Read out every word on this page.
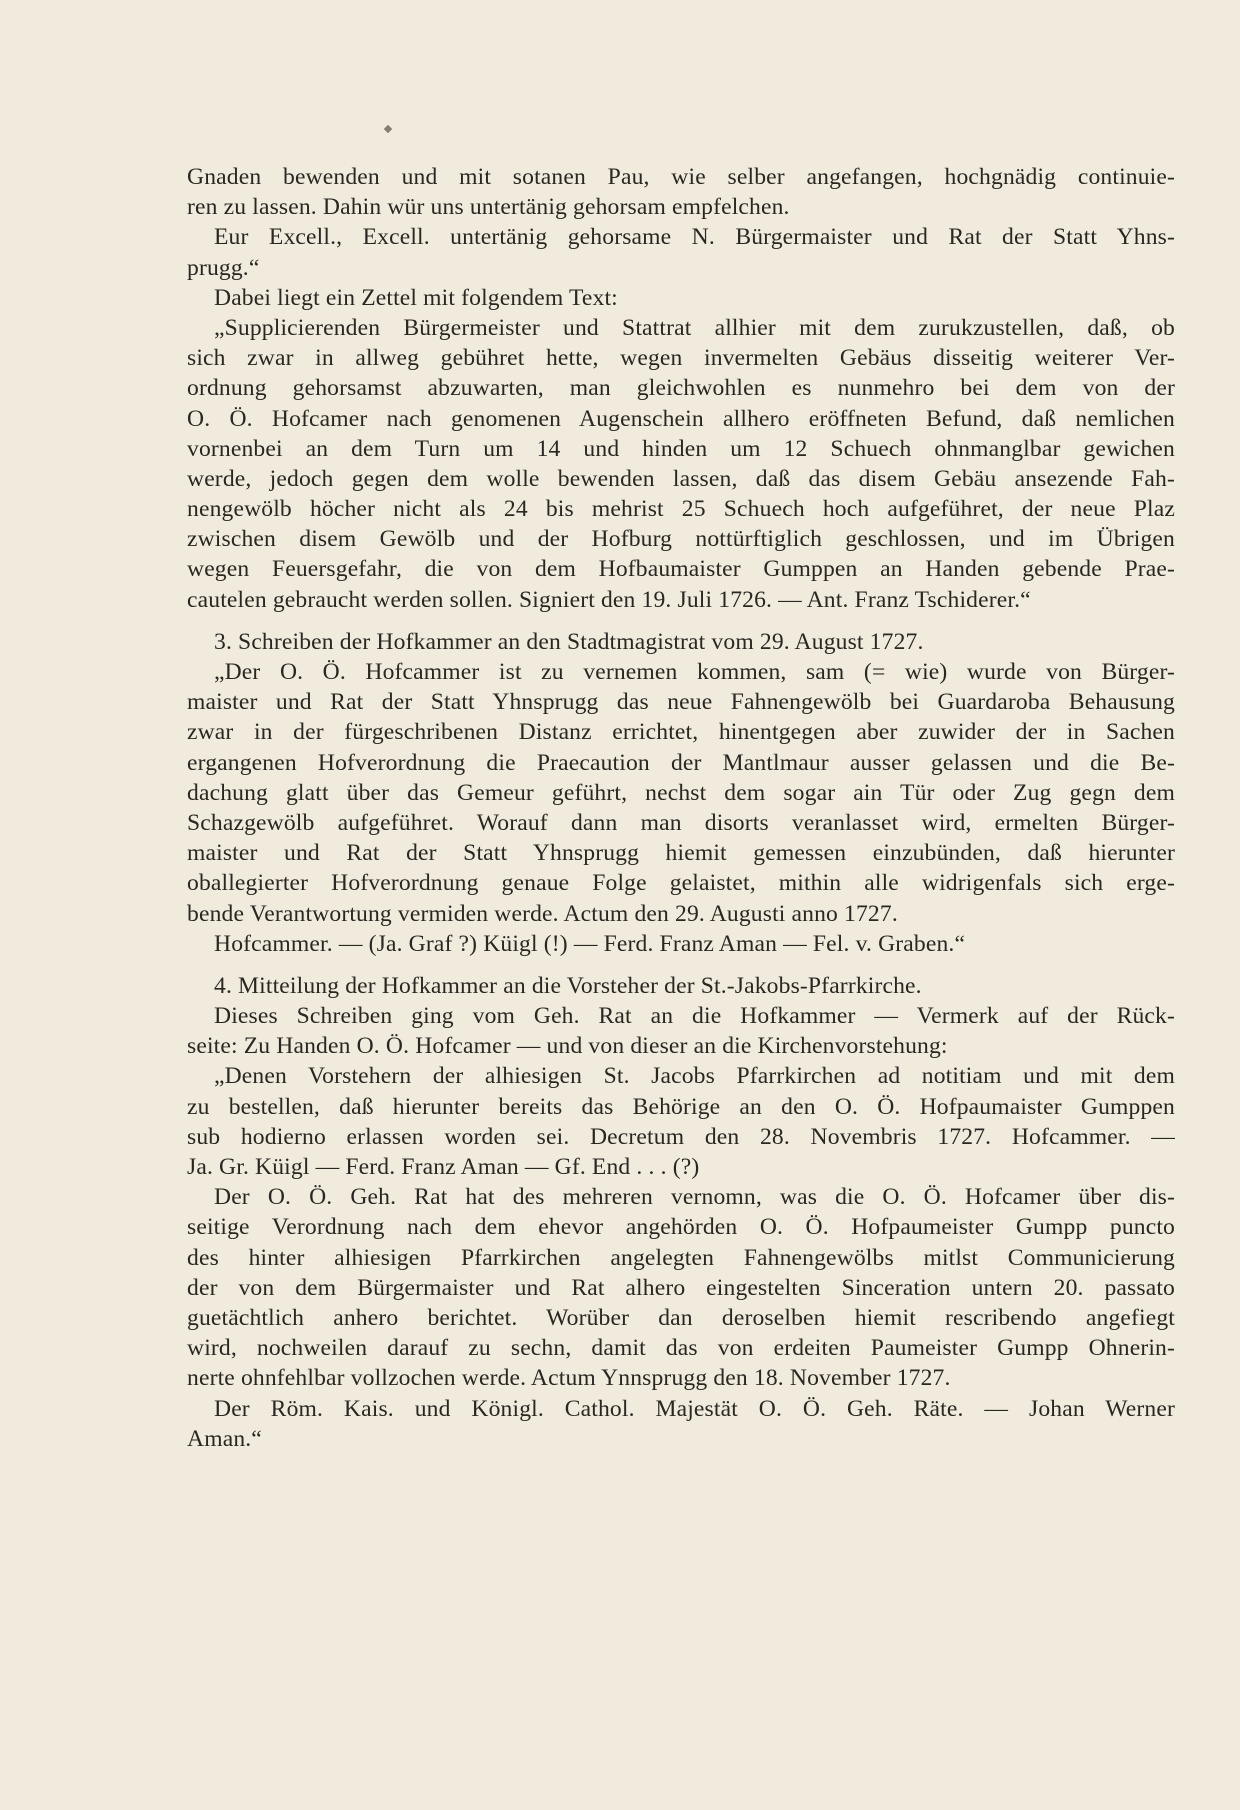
Gnaden bewenden und mit sotanen Pau, wie selber angefangen, hochgnädig continuie-
ren zu lassen. Dahin wür uns untertänig gehorsam empfelchen.
Eur Excell., Excell. untertänig gehorsame N. Bürgermaister und Rat der Statt Yhns-
prugg.“
Dabei liegt ein Zettel mit folgendem Text:
„Supplicierenden Bürgermeister und Stattrat allhier mit dem zurukzustellen, daß, ob
sich zwar in allweg gebühret hette, wegen invermelten Gebäus disseitig weiterer Ver-
ordnung gehorsamst abzuwarten, man gleichwohlen es nunmehro bei dem von der
O. Ö. Hofcamer nach genomenen Augenschein allhero eröffneten Befund, daß nemlichen
vornenbei an dem Turn um 14 und hinden um 12 Schuech ohnmanglbar gewichen
werde, jedoch gegen dem wolle bewenden lassen, daß das disem Gebäu ansezende Fah-
nengewölb höcher nicht als 24 bis mehrist 25 Schuech hoch aufgeführet, der neue Plaz
zwischen disem Gewölb und der Hofburg nottürftiglich geschlossen, und im Übrigen
wegen Feuersgefahr, die von dem Hofbaumaister Gumppen an Handen gebende Prae-
cautelen gebraucht werden sollen. Signiert den 19. Juli 1726. — Ant. Franz Tschiderer.“
3. Schreiben der Hofkammer an den Stadtmagistrat vom 29. August 1727.
„Der O. Ö. Hofcammer ist zu vernemen kommen, sam (= wie) wurde von Bürger-
maister und Rat der Statt Yhnsprugg das neue Fahnengewölb bei Guardaroba Behausung
zwar in der fürgeschribenen Distanz errichtet, hinentgegen aber zuwider der in Sachen
ergangenen Hofverordnung die Praecaution der Mantlmaur ausser gelassen und die Be-
dachung glatt über das Gemeur geführt, nechst dem sogar ain Tür oder Zug gegn dem
Schazgewölb aufgeführet. Worauf dann man disorts veranlasset wird, ermelten Bürger-
maister und Rat der Statt Yhnsprugg hiemit gemessen einzubünden, daß hierunter
oballegierter Hofverordnung genaue Folge gelaistet, mithin alle widrigenfals sich erge-
bende Verantwortung vermiden werde. Actum den 29. Augusti anno 1727.
Hofcammer. — (Ja. Graf ?) Küigl (!) — Ferd. Franz Aman — Fel. v. Graben.“
4. Mitteilung der Hofkammer an die Vorsteher der St.-Jakobs-Pfarrkirche.
Dieses Schreiben ging vom Geh. Rat an die Hofkammer — Vermerk auf der Rück-
seite: Zu Handen O. Ö. Hofcamer — und von dieser an die Kirchenvorstehung:
„Denen Vorstehern der alhiesigen St. Jacobs Pfarrkirchen ad notitiam und mit dem
zu bestellen, daß hierunter bereits das Behörige an den O. Ö. Hofpaumaister Gumppen
sub hodierno erlassen worden sei. Decretum den 28. Novembris 1727. Hofcammer. —
Ja. Gr. Küigl — Ferd. Franz Aman — Gf. End . . . (?)
Der O. Ö. Geh. Rat hat des mehreren vernomn, was die O. Ö. Hofcamer über dis-
seitige Verordnung nach dem ehevor angehörden O. Ö. Hofpaumeister Gumpp puncto
des hinter alhiesigen Pfarrkirchen angelegten Fahnengewölbs mitlst Communicierung
der von dem Bürgermaister und Rat alhero eingestelten Sinceration untern 20. passato
guetächtlich anhero berichtet. Worüber dan deroselben hiemit rescribendo angefiegt
wird, nochweilen darauf zu sechn, damit das von erdeiten Paumeister Gumpp Ohnerin-
nerte ohnfehlbar vollzochen werde. Actum Ynnsprugg den 18. November 1727.
Der Röm. Kais. und Königl. Cathol. Majestät O. Ö. Geh. Räte. — Johan Werner
Aman.“
